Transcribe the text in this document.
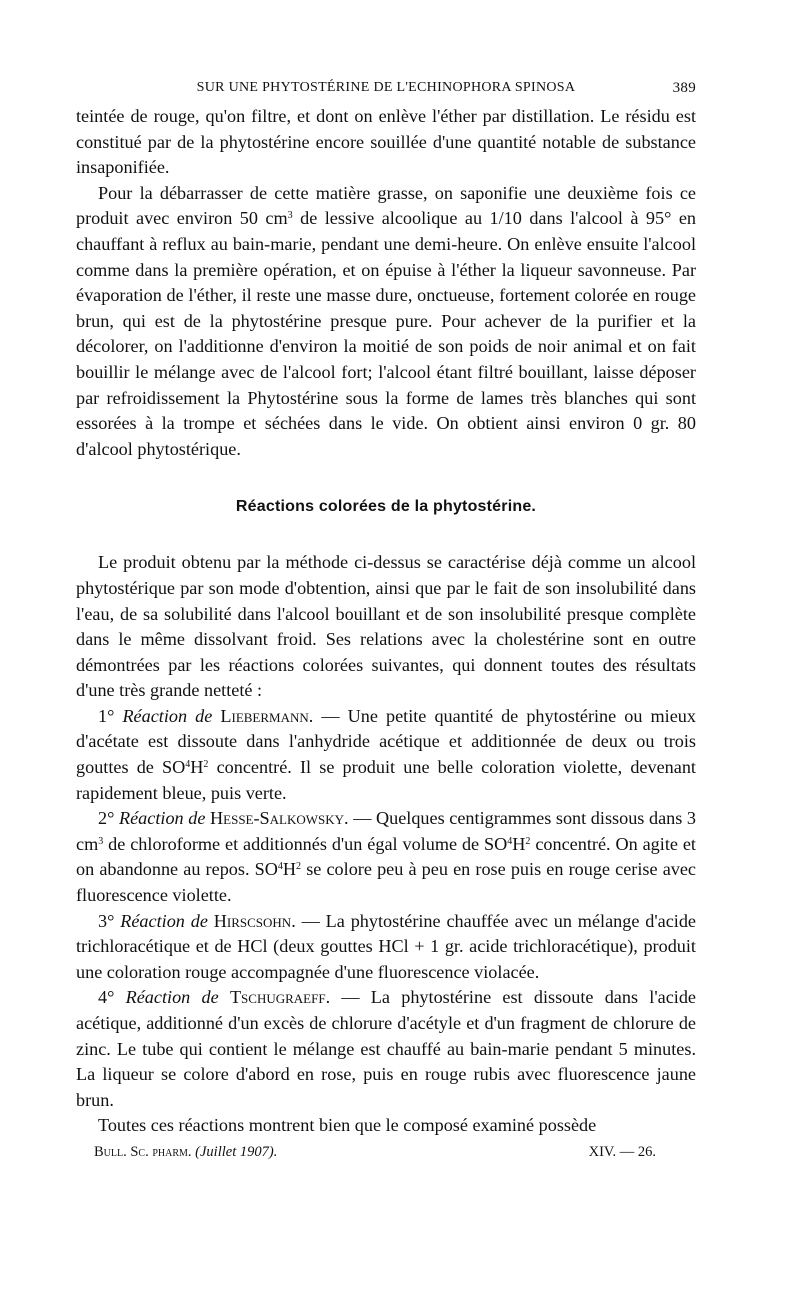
SUR UNE PHYTOSTÉRINE DE L'ECHINOPHORA SPINOSA	389

teintée de rouge, qu'on filtre, et dont on enlève l'éther par distillation. Le résidu est constitué par de la phytostérine encore souillée d'une quantité notable de substance insaponifiée.

Pour la débarrasser de cette matière grasse, on saponifie une deuxième fois ce produit avec environ 50 $cm^3$ de lessive alcoolique au 1/10 dans l'alcool à 95° en chauffant à reflux au bain-marie, pendant une demi-heure. On enlève ensuite l'alcool comme dans la première opération, et on épuise à l'éther la liqueur savonneuse. Par évaporation de l'éther, il reste une masse dure, onctueuse, fortement colorée en rouge brun, qui est de la phytostérine presque pure. Pour achever de la purifier et la décolorer, on l'additionne d'environ la moitié de son poids de noir animal et on fait bouillir le mélange avec de l'alcool fort; l'alcool étant filtré bouillant, laisse déposer par refroidissement la Phytostérine sous la forme de lames très blanches qui sont essorées à la trompe et séchées dans le vide. On obtient ainsi environ 0 gr. 80 d'alcool phytostérique.

Réactions colorées de la phytostérine.

Le produit obtenu par la méthode ci-dessus se caractérise déjà comme un alcool phytostérique par son mode d'obtention, ainsi que par le fait de son insolubilité dans l'eau, de sa solubilité dans l'alcool bouillant et de son insolubilité presque complète dans le même dissolvant froid. Ses relations avec la cholestérine sont en outre démontrées par les réactions colorées suivantes, qui donnent toutes des résultats d'une très grande netteté :

1° Réaction de Liebermann. — Une petite quantité de phytostérine ou mieux d'acétate est dissoute dans l'anhydride acétique et additionnée de deux ou trois gouttes de $SO^4H^2$ concentré. Il se produit une belle coloration violette, devenant rapidement bleue, puis verte.

2° Réaction de Hesse-Salkowsky. — Quelques centigrammes sont dissous dans 3 $cm^3$ de chloroforme et additionnés d'un égal volume de $SO^4H^2$ concentré. On agite et on abandonne au repos. $SO^4H^2$ se colore peu à peu en rose puis en rouge cerise avec fluorescence violette.

3° Réaction de Hirscsohn. — La phytostérine chauffée avec un mélange d'acide trichloracétique et de HCl (deux gouttes HCl + 1 gr. acide trichloracétique), produit une coloration rouge accompagnée d'une fluorescence violacée.

4° Réaction de Tschugraeff. — La phytostérine est dissoute dans l'acide acétique, additionné d'un excès de chlorure d'acétyle et d'un fragment de chlorure de zinc. Le tube qui contient le mélange est chauffé au bain-marie pendant 5 minutes. La liqueur se colore d'abord en rose, puis en rouge rubis avec fluorescence jaune brun.

Toutes ces réactions montrent bien que le composé examiné possède

Bull. Sc. pharm. (Juillet 1907).	XIV. — 26.
